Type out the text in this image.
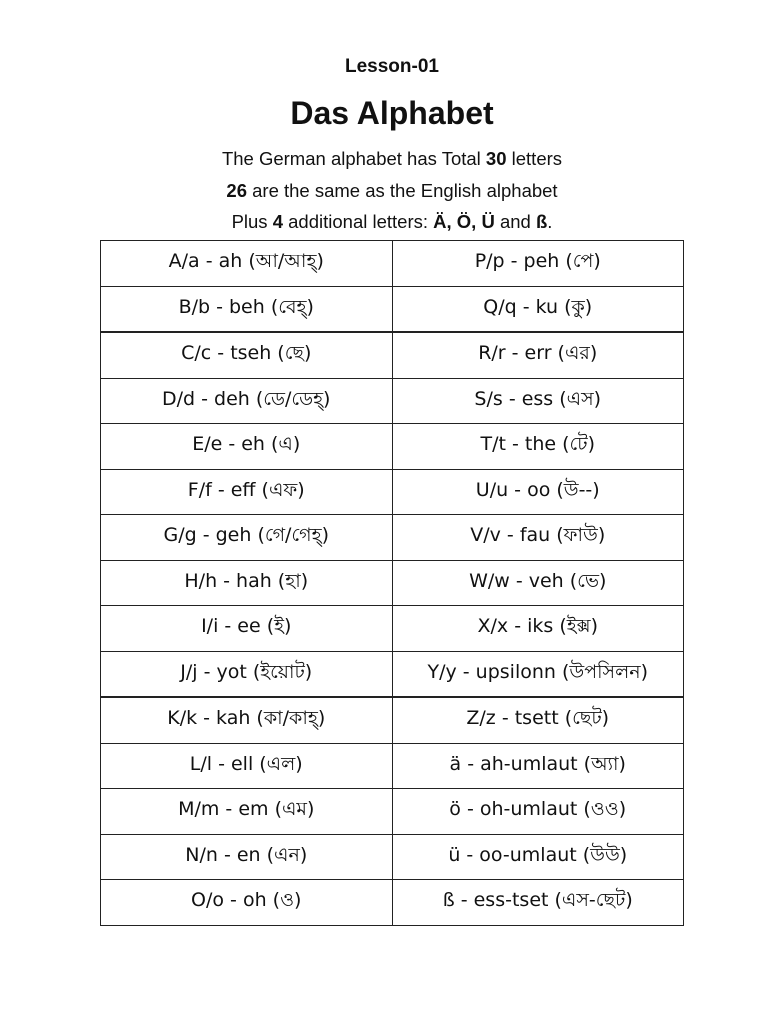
Lesson-01
Das Alphabet
The German alphabet has Total 30 letters
26 are the same as the English alphabet
Plus 4 additional letters: Ä, Ö, Ü and ß.
A/a - ah (আ/আহ্)	P/p - peh (পে)
B/b - beh (বেহ্)	Q/q - ku (কু)
C/c - tseh (ছে)	R/r - err (এর)
D/d - deh (ডে/ডেহ্)	S/s - ess (এস)
E/e - eh (এ)	T/t - the (টে)
F/f - eff (এফ)	U/u - oo (উ--)
G/g - geh (গে/গেহ্)	V/v - fau (ফাউ)
H/h - hah (হা)	W/w - veh (ভে)
I/i - ee (ই)	X/x - iks (ইক্স)
J/j - yot (ইয়োট)	Y/y - upsilonn (উপসিলন)
K/k - kah (কা/কাহ্)	Z/z - tsett (ছেট)
L/l - ell (এল)	ä - ah-umlaut (অ্যা)
M/m - em (এম)	ö - oh-umlaut (ওও)
N/n - en (এন)	ü - oo-umlaut (উউ)
O/o - oh (ও)	ß - ess-tset (এস-ছেট)
